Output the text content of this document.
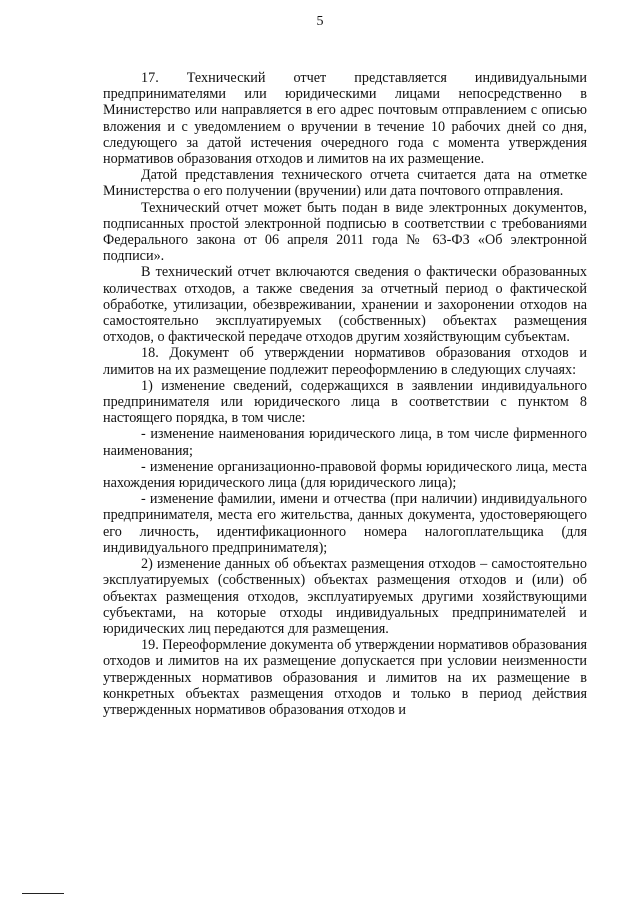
5

17. Технический отчет представляется индивидуальными предпринимателями или юридическими лицами непосредственно в Министерство или направляется в его адрес почтовым отправлением с описью вложения и с уведомлением о вручении в течение 10 рабочих дней со дня, следующего за датой истечения очередного года с момента утверждения нормативов образования отходов и лимитов на их размещение.

Датой представления технического отчета считается дата на отметке Министерства о его получении (вручении) или дата почтового отправления.

Технический отчет может быть подан в виде электронных документов, подписанных простой электронной подписью в соответствии с требованиями Федерального закона от 06 апреля 2011 года № 63-ФЗ «Об электронной подписи».

В технический отчет включаются сведения о фактически образованных количествах отходов, а также сведения за отчетный период о фактической обработке, утилизации, обезвреживании, хранении и захоронении отходов на самостоятельно эксплуатируемых (собственных) объектах размещения отходов, о фактической передаче отходов другим хозяйствующим субъектам.

18. Документ об утверждении нормативов образования отходов и лимитов на их размещение подлежит переоформлению в следующих случаях:

1) изменение сведений, содержащихся в заявлении индивидуального предпринимателя или юридического лица в соответствии с пунктом 8 настоящего порядка, в том числе:

- изменение наименования юридического лица, в том числе фирменного наименования;

- изменение организационно-правовой формы юридического лица, места нахождения юридического лица (для юридического лица);

- изменение фамилии, имени и отчества (при наличии) индивидуального предпринимателя, места его жительства, данных документа, удостоверяющего его личность, идентификационного номера налогоплательщика (для индивидуального предпринимателя);

2) изменение данных об объектах размещения отходов – самостоятельно эксплуатируемых (собственных) объектах размещения отходов и (или) об объектах размещения отходов, эксплуатируемых другими хозяйствующими субъектами, на которые отходы индивидуальных предпринимателей и юридических лиц передаются для размещения.

19. Переоформление документа об утверждении нормативов образования отходов и лимитов на их размещение допускается при условии неизменности утвержденных нормативов образования и лимитов на их размещение в конкретных объектах размещения отходов и только в период действия утвержденных нормативов образования отходов и
